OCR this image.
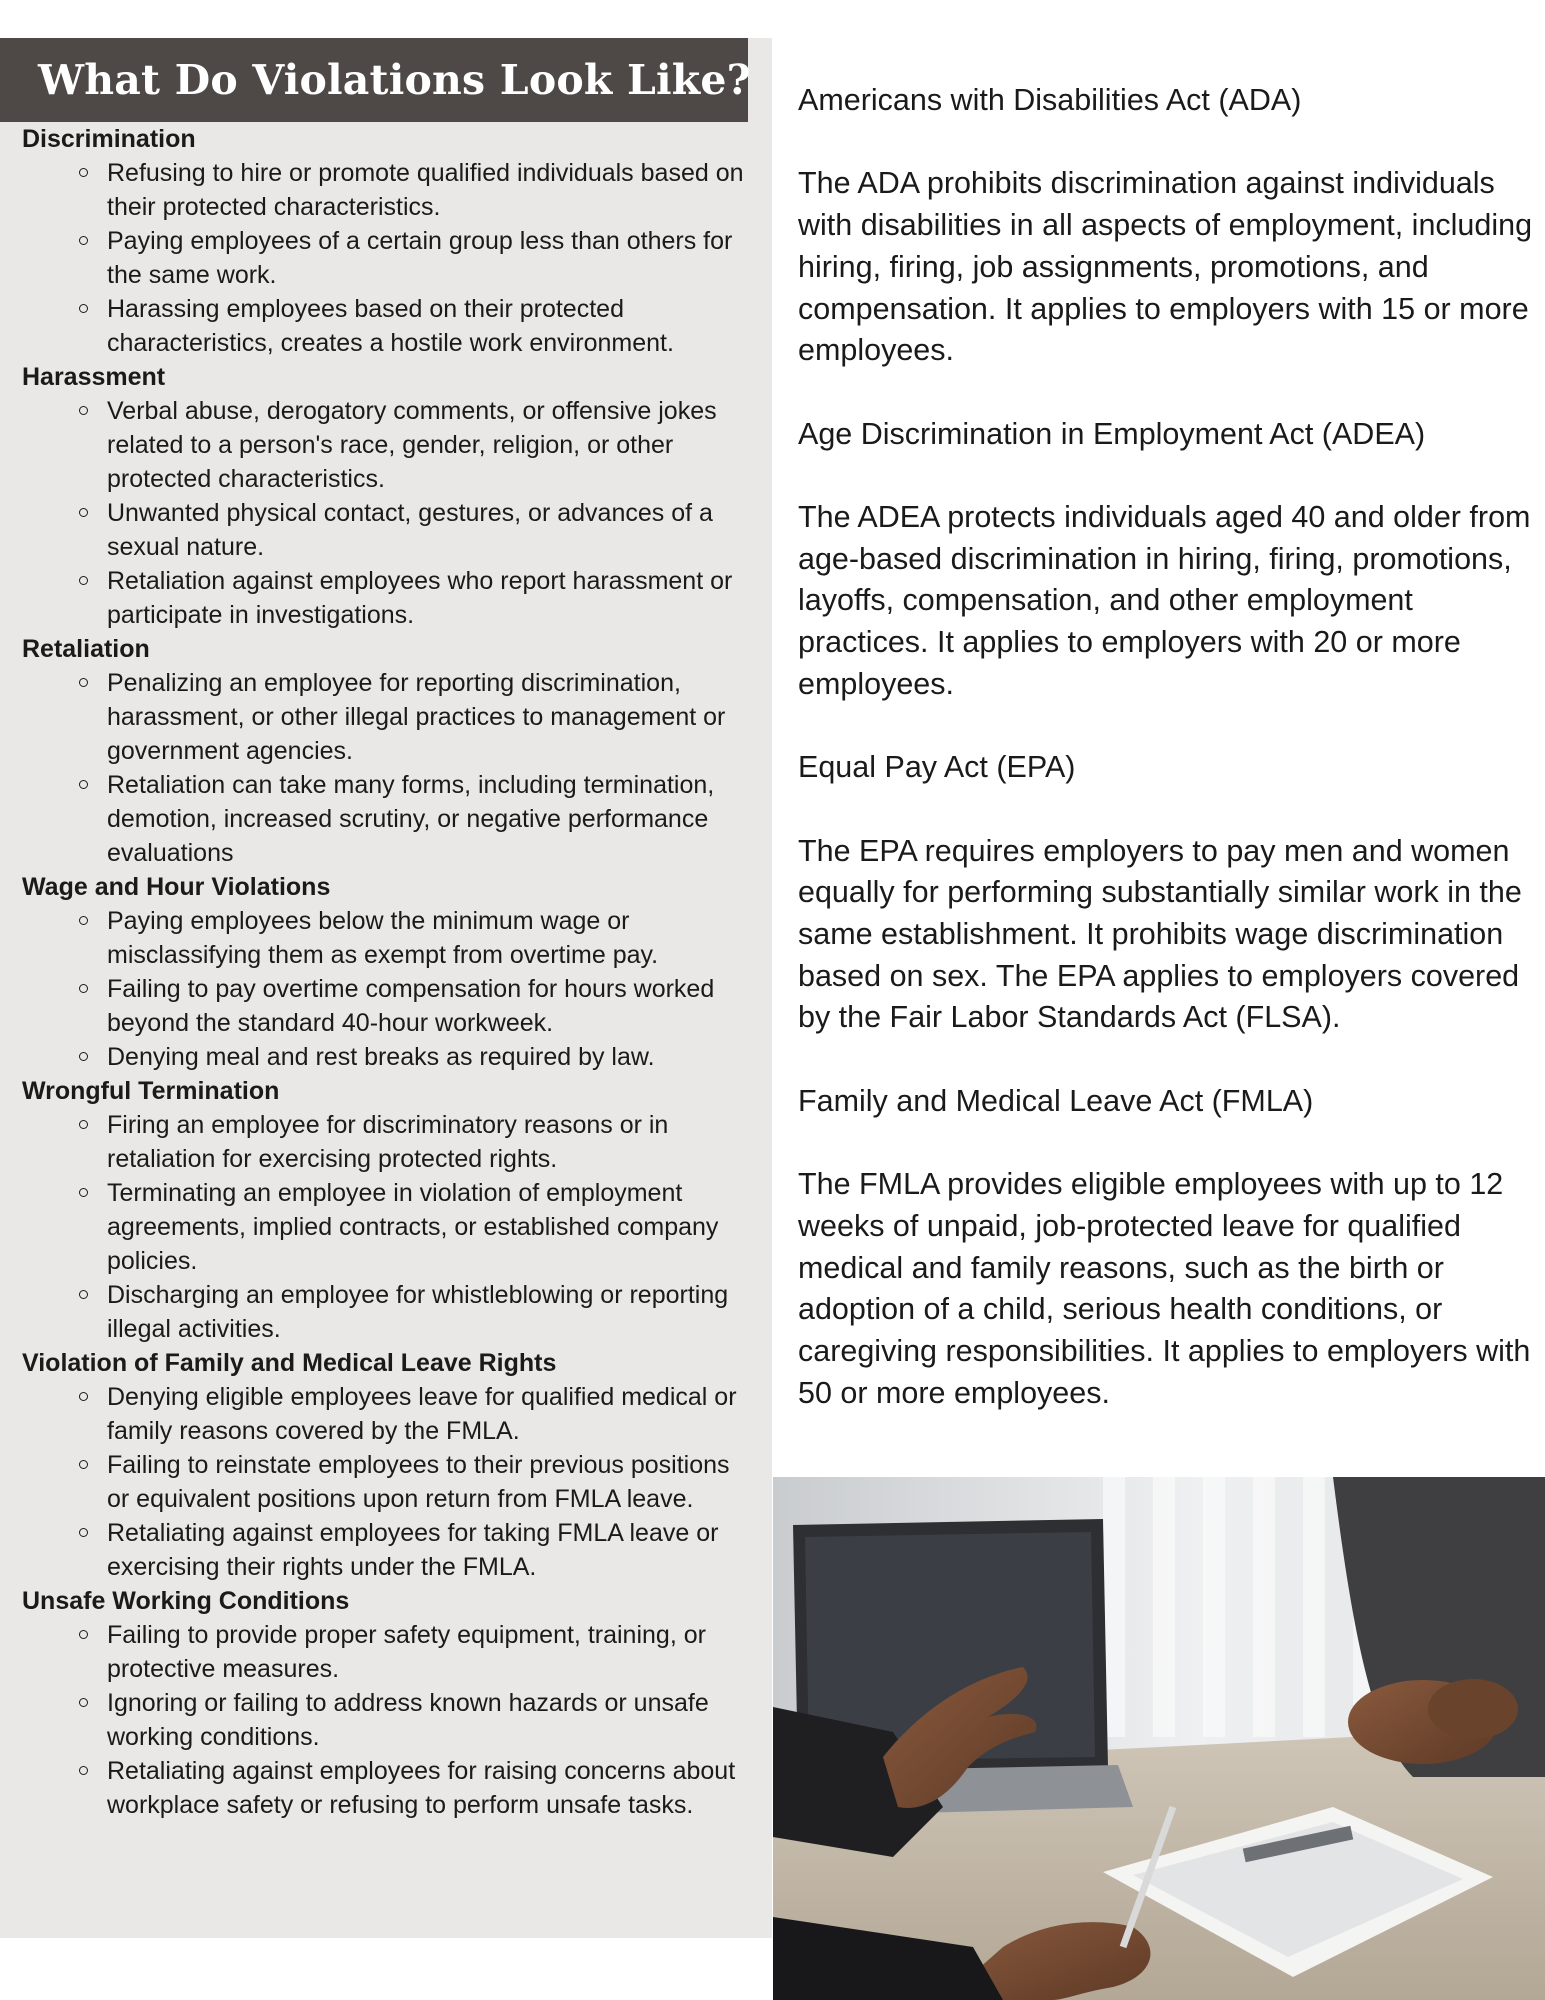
What Do Violations Look Like?

Discrimination

Refusing to hire or promote qualified individuals based on their protected characteristics.
Paying employees of a certain group less than others for the same work.
Harassing employees based on their protected characteristics, creates a hostile work environment.

Harassment

Verbal abuse, derogatory comments, or offensive jokes related to a person's race, gender, religion, or other protected characteristics.
Unwanted physical contact, gestures, or advances of a sexual nature.
Retaliation against employees who report harassment or participate in investigations.

Retaliation

Penalizing an employee for reporting discrimination, harassment, or other illegal practices to management or government agencies.
Retaliation can take many forms, including termination, demotion, increased scrutiny, or negative performance evaluations

Wage and Hour Violations

Paying employees below the minimum wage or misclassifying them as exempt from overtime pay.
Failing to pay overtime compensation for hours worked beyond the standard 40-hour workweek.
Denying meal and rest breaks as required by law.

Wrongful Termination

Firing an employee for discriminatory reasons or in retaliation for exercising protected rights.
Terminating an employee in violation of employment agreements, implied contracts, or established company policies.
Discharging an employee for whistleblowing or reporting illegal activities.

Violation of Family and Medical Leave Rights

Denying eligible employees leave for qualified medical or family reasons covered by the FMLA.
Failing to reinstate employees to their previous positions or equivalent positions upon return from FMLA leave.
Retaliating against employees for taking FMLA leave or exercising their rights under the FMLA.

Unsafe Working Conditions

Failing to provide proper safety equipment, training, or protective measures.
Ignoring or failing to address known hazards or unsafe working conditions.
Retaliating against employees for raising concerns about workplace safety or refusing to perform unsafe tasks.

Americans with Disabilities Act (ADA)

The ADA prohibits discrimination against individuals with disabilities in all aspects of employment, including hiring, firing, job assignments, promotions, and compensation. It applies to employers with 15 or more employees.

Age Discrimination in Employment Act (ADEA)

The ADEA protects individuals aged 40 and older from age-based discrimination in hiring, firing, promotions, layoffs, compensation, and other employment practices. It applies to employers with 20 or more employees.

Equal Pay Act (EPA)

The EPA requires employers to pay men and women equally for performing substantially similar work in the same establishment. It prohibits wage discrimination based on sex. The EPA applies to employers covered by the Fair Labor Standards Act (FLSA).

Family and Medical Leave Act (FMLA)

The FMLA provides eligible employees with up to 12 weeks of unpaid, job-protected leave for qualified medical and family reasons, such as the birth or adoption of a child, serious health conditions, or caregiving responsibilities. It applies to employers with 50 or more employees.
